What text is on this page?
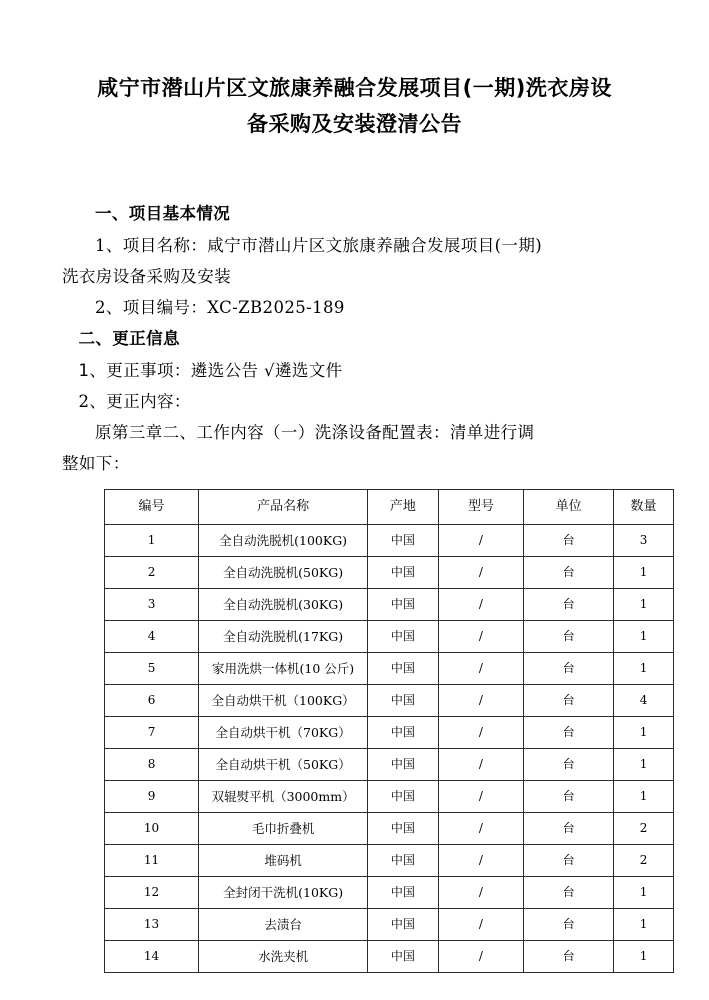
咸宁市潜山片区文旅康养融合发展项目(一期)洗衣房设
备采购及安装澄清公告

一、项目基本情况

1、项目名称：咸宁市潜山片区文旅康养融合发展项目(一期)

洗衣房设备采购及安装

2、项目编号：XC-ZB2025-189

二、更正信息

1、更正事项：遴选公告 √遴选文件

2、更正内容：

原第三章二、工作内容（一）洗涤设备配置表：清单进行调

整如下：

编号	产品名称	产地	型号	单位	数量
1	全自动洗脱机(100KG)	中国	/	台	3
2	全自动洗脱机(50KG)	中国	/	台	1
3	全自动洗脱机(30KG)	中国	/	台	1
4	全自动洗脱机(17KG)	中国	/	台	1
5	家用洗烘一体机(10 公斤)	中国	/	台	1
6	全自动烘干机（100KG）	中国	/	台	4
7	全自动烘干机（70KG）	中国	/	台	1
8	全自动烘干机（50KG）	中国	/	台	1
9	双辊熨平机（3000mm）	中国	/	台	1
10	毛巾折叠机	中国	/	台	2
11	堆码机	中国	/	台	2
12	全封闭干洗机(10KG)	中国	/	台	1
13	去渍台	中国	/	台	1
14	水洗夹机	中国	/	台	1
